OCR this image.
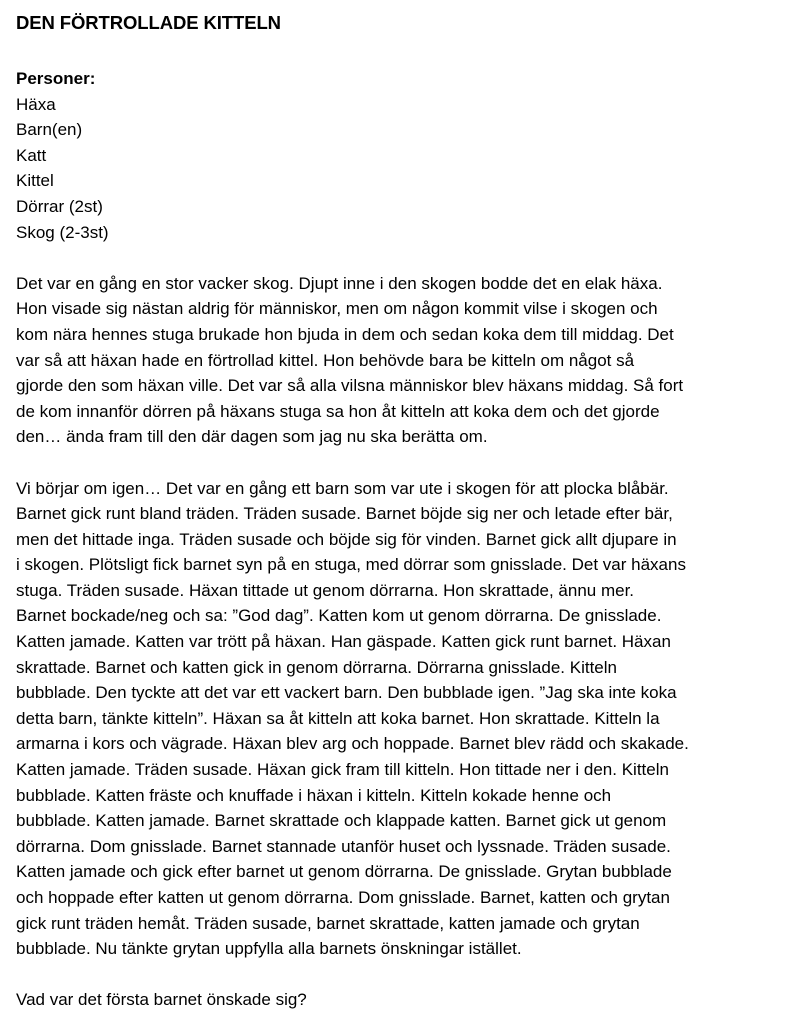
DEN FÖRTROLLADE KITTELN

Personer:

Häxa

Barn(en)

Katt

Kittel

Dörrar (2st)

Skog (2-3st)

Det var en gång en stor vacker skog. Djupt inne i den skogen bodde det en elak häxa.

Hon visade sig nästan aldrig för människor, men om någon kommit vilse i skogen och

kom nära hennes stuga brukade hon bjuda in dem och sedan koka dem till middag. Det

var så att häxan hade en förtrollad kittel. Hon behövde bara be kitteln om något så

gjorde den som häxan ville. Det var så alla vilsna människor blev häxans middag. Så fort

de kom innanför dörren på häxans stuga sa hon åt kitteln att koka dem och det gjorde

den… ända fram till den där dagen som jag nu ska berätta om.

Vi börjar om igen… Det var en gång ett barn som var ute i skogen för att plocka blåbär.

Barnet gick runt bland träden. Träden susade. Barnet böjde sig ner och letade efter bär,

men det hittade inga. Träden susade och böjde sig för vinden. Barnet gick allt djupare in

i skogen. Plötsligt fick barnet syn på en stuga, med dörrar som gnisslade. Det var häxans

stuga. Träden susade. Häxan tittade ut genom dörrarna. Hon skrattade, ännu mer.

Barnet bockade/neg och sa: ”God dag”. Katten kom ut genom dörrarna. De gnisslade.

Katten jamade. Katten var trött på häxan. Han gäspade. Katten gick runt barnet. Häxan

skrattade. Barnet och katten gick in genom dörrarna. Dörrarna gnisslade. Kitteln

bubblade. Den tyckte att det var ett vackert barn. Den bubblade igen. ”Jag ska inte koka

detta barn, tänkte kitteln”. Häxan sa åt kitteln att koka barnet. Hon skrattade. Kitteln la

armarna i kors och vägrade. Häxan blev arg och hoppade. Barnet blev rädd och skakade.

Katten jamade. Träden susade. Häxan gick fram till kitteln. Hon tittade ner i den. Kitteln

bubblade. Katten fräste och knuffade i häxan i kitteln. Kitteln kokade henne och

bubblade. Katten jamade. Barnet skrattade och klappade katten. Barnet gick ut genom

dörrarna. Dom gnisslade. Barnet stannade utanför huset och lyssnade. Träden susade.

Katten jamade och gick efter barnet ut genom dörrarna. De gnisslade. Grytan bubblade

och hoppade efter katten ut genom dörrarna. Dom gnisslade. Barnet, katten och grytan

gick runt träden hemåt. Träden susade, barnet skrattade, katten jamade och grytan

bubblade. Nu tänkte grytan uppfylla alla barnets önskningar istället.

Vad var det första barnet önskade sig?
